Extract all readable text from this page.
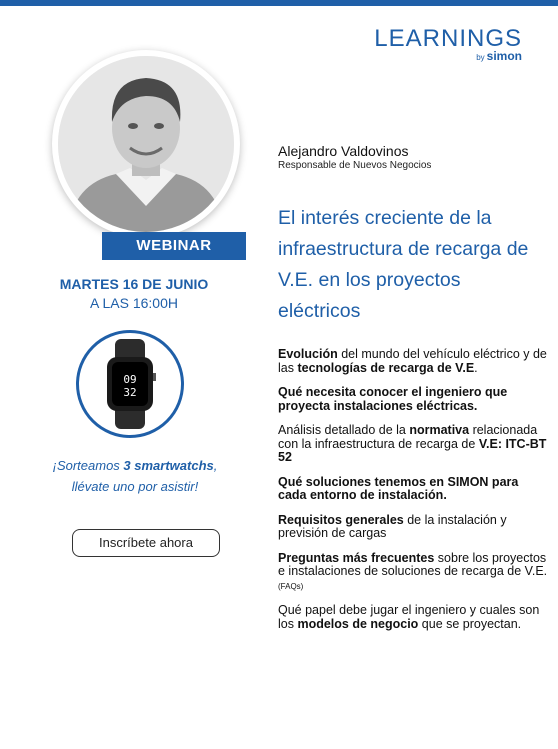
LEARNINGS
by simon
WEBINAR
MARTES 16 DE JUNIO
A LAS 16:00H
09
32
¡Sorteamos 3 smartwatchs,
llévate uno por asistir!
Inscríbete ahora
Alejandro Valdovinos
Responsable de Nuevos Negocios
El interés creciente de la infraestructura de recarga de V.E. en los proyectos eléctricos

Evolución del mundo del vehículo eléctrico y de las tecnologías de recarga de V.E.

Qué necesita conocer el ingeniero que proyecta instalaciones eléctricas.

Análisis detallado de la normativa relacionada con la infraestructura de recarga de V.E: ITC-BT 52

Qué soluciones tenemos en SIMON para cada entorno de instalación.

Requisitos generales de la instalación y previsión de cargas

Preguntas más frecuentes sobre los proyectos e instalaciones de soluciones de recarga de V.E. (FAQs)

Qué papel debe jugar el ingeniero y cuales son los modelos de negocio que se proyectan.
